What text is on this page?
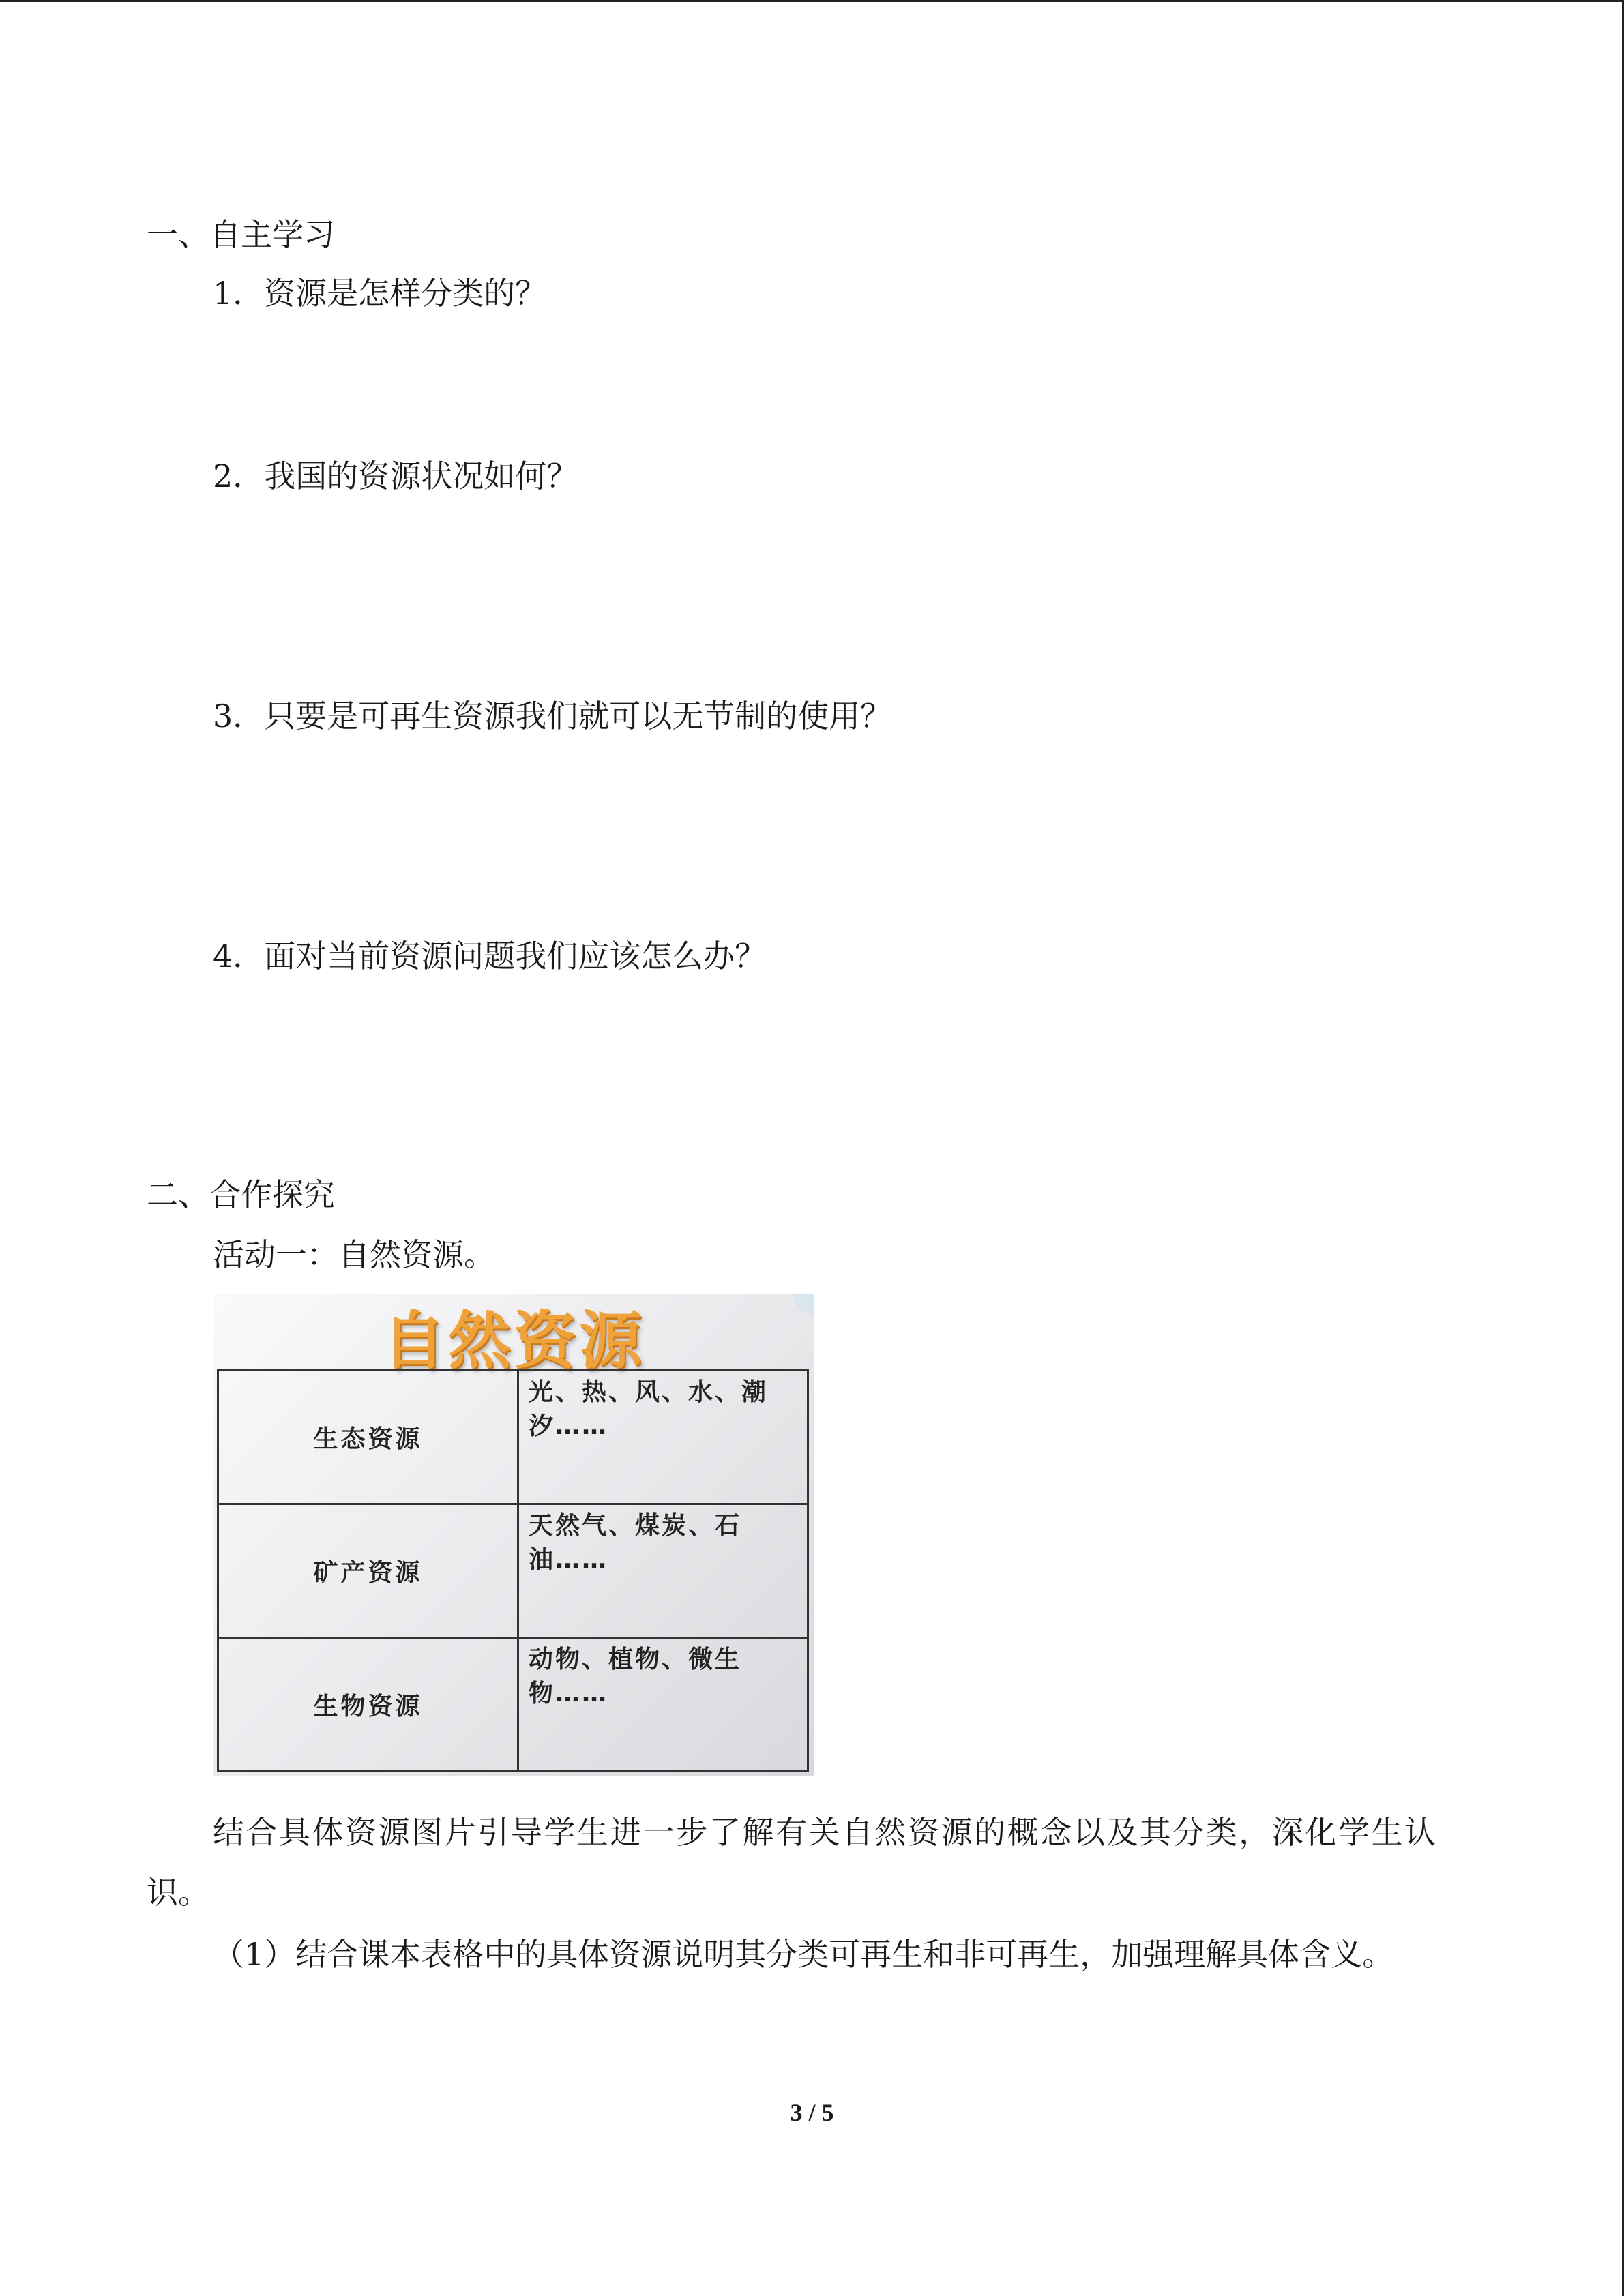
一、自主学习
1．资源是怎样分类的？
2．我国的资源状况如何？
3．只要是可再生资源我们就可以无节制的使用？
4．面对当前资源问题我们应该怎么办？
二、合作探究
活动一：自然资源。
自然资源
生态资源	光、热、风、水、潮汐……
矿产资源	天然气、煤炭、石油……
生物资源	动物、植物、微生物……
结合具体资源图片引导学生进一步了解有关自然资源的概念以及其分类，深化学生认识。
（1）结合课本表格中的具体资源说明其分类可再生和非可再生，加强理解具体含义。
3 / 5
